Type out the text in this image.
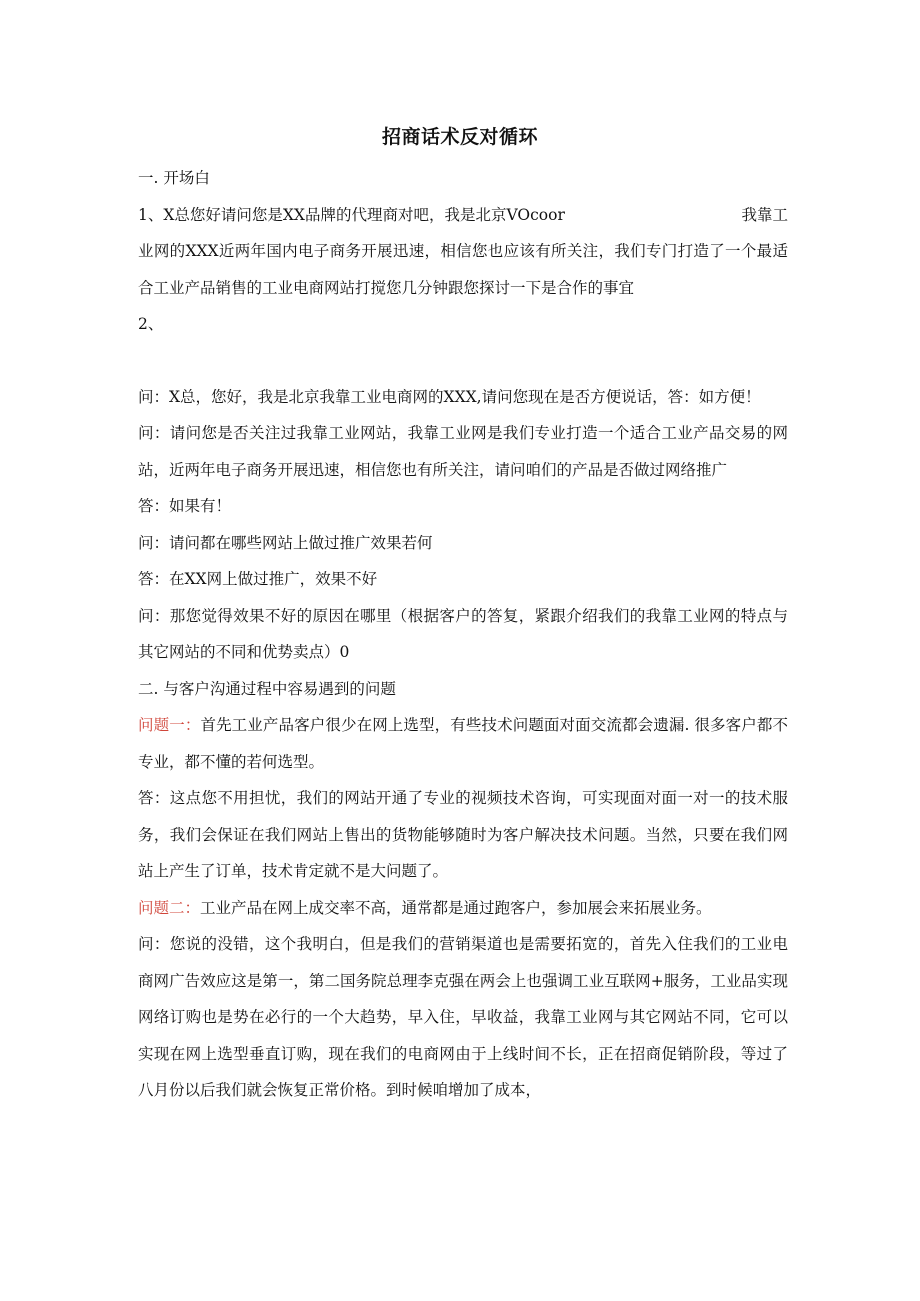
招商话术反对循环

一. 开场白

我靠工
1、X总您好请问您是XX品牌的代理商对吧，我是北京VOcoor
业网的XXX近两年国内电子商务开展迅速，相信您也应该有所关注，我们专门打造了一个最适合工业产品销售的工业电商网站打搅您几分钟跟您探讨一下是合作的事宜

2、

问：X总，您好，我是北京我靠工业电商网的XXX,请问您现在是否方便说话，答：如方便！

问：请问您是否关注过我靠工业网站，我靠工业网是我们专业打造一个适合工业产品交易的网站，近两年电子商务开展迅速，相信您也有所关注，请问咱们的产品是否做过网络推广

答：如果有！

问：请问都在哪些网站上做过推广效果若何

答：在XX网上做过推广，效果不好

问：那您觉得效果不好的原因在哪里（根据客户的答复，紧跟介绍我们的我靠工业网的特点与其它网站的不同和优势卖点）0

二. 与客户沟通过程中容易遇到的问题

问题一：首先工业产品客户很少在网上选型，有些技术问题面对面交流都会遗漏. 很多客户都不专业，都不懂的若何选型。

答：这点您不用担忧，我们的网站开通了专业的视频技术咨询，可实现面对面一对一的技术服务，我们会保证在我们网站上售出的货物能够随时为客户解决技术问题。当然，只要在我们网站上产生了订单，技术肯定就不是大问题了。

问题二：工业产品在网上成交率不高，通常都是通过跑客户，参加展会来拓展业务。

问：您说的没错，这个我明白，但是我们的营销渠道也是需要拓宽的，首先入住我们的工业电商网广告效应这是第一，第二国务院总理李克强在两会上也强调工业互联网+服务，工业品实现网络订购也是势在必行的一个大趋势，早入住，早收益，我靠工业网与其它网站不同，它可以实现在网上选型垂直订购，现在我们的电商网由于上线时间不长，正在招商促销阶段，等过了八月份以后我们就会恢复正常价格。到时候咱增加了成本，
